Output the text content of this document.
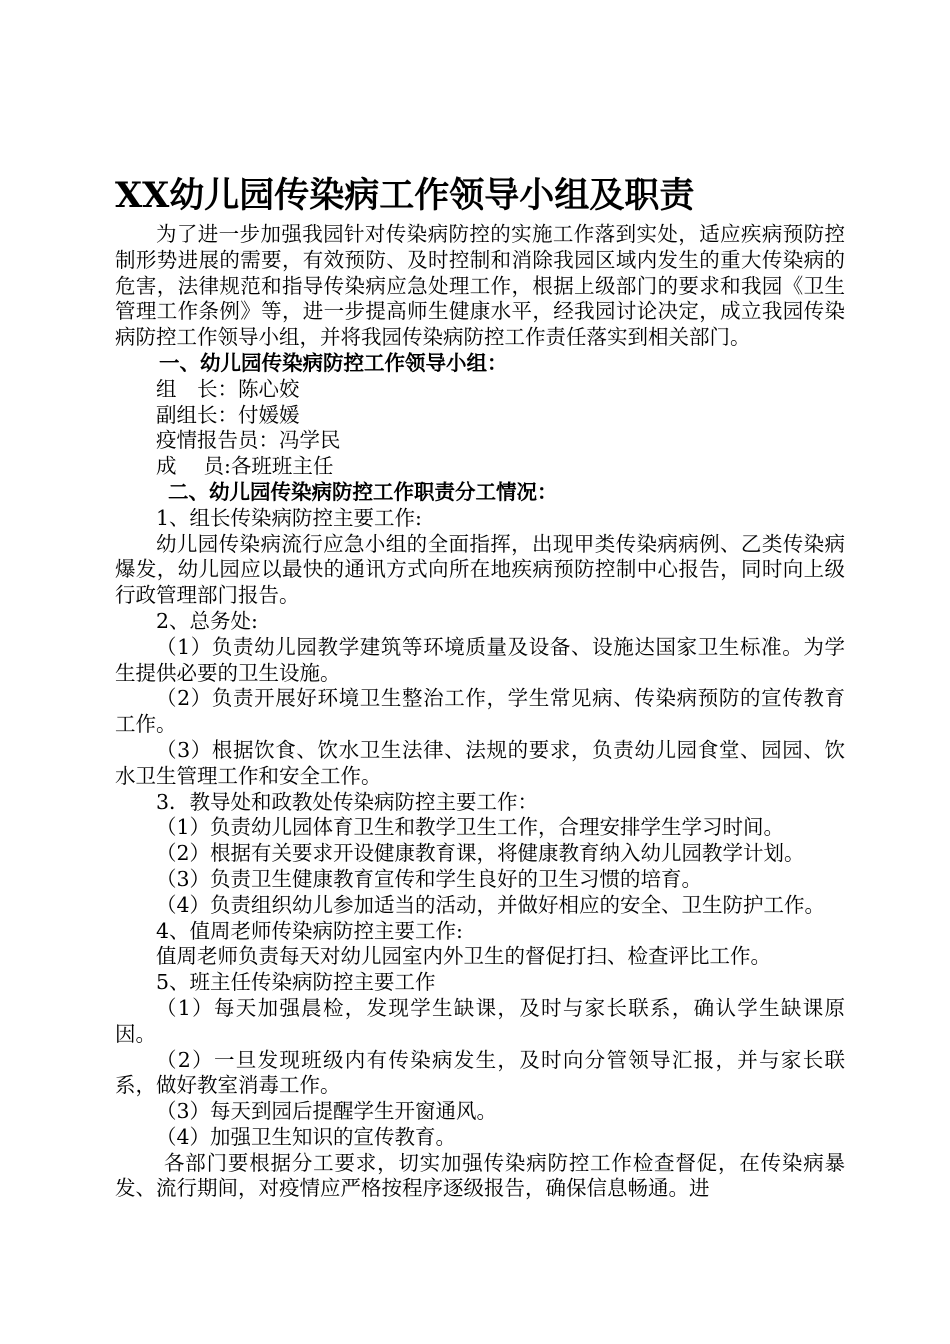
XX幼儿园传染病工作领导小组及职责

为了进一步加强我园针对传染病防控的实施工作落到实处，适应疾病预防控制形势进展的需要，有效预防、及时控制和消除我园区域内发生的重大传染病的危害，法律规范和指导传染病应急处理工作，根据上级部门的要求和我园《卫生管理工作条例》等，进一步提高师生健康水平，经我园讨论决定，成立我园传染病防控工作领导小组，并将我园传染病防控工作责任落实到相关部门。

一、幼儿园传染病防控工作领导小组：

组　长：陈心姣

副组长：付媛媛

疫情报告员：冯学民

成　 员:各班班主任

二、幼儿园传染病防控工作职责分工情况：

1、组长传染病防控主要工作:

幼儿园传染病流行应急小组的全面指挥，出现甲类传染病病例、乙类传染病爆发，幼儿园应以最快的通讯方式向所在地疾病预防控制中心报告，同时向上级行政管理部门报告。

2、总务处:

（1）负责幼儿园教学建筑等环境质量及设备、设施达国家卫生标准。为学生提供必要的卫生设施。

（2）负责开展好环境卫生整治工作，学生常见病、传染病预防的宣传教育工作。

（3）根据饮食、饮水卫生法律、法规的要求，负责幼儿园食堂、园园、饮水卫生管理工作和安全工作。

3．教导处和政教处传染病防控主要工作：

（1）负责幼儿园体育卫生和教学卫生工作，合理安排学生学习时间。

（2）根据有关要求开设健康教育课，将健康教育纳入幼儿园教学计划。

（3）负责卫生健康教育宣传和学生良好的卫生习惯的培育。

（4）负责组织幼儿参加适当的活动，并做好相应的安全、卫生防护工作。

4、值周老师传染病防控主要工作:

值周老师负责每天对幼儿园室内外卫生的督促打扫、检查评比工作。

5、班主任传染病防控主要工作

（1）每天加强晨检，发现学生缺课，及时与家长联系，确认学生缺课原因。

（2）一旦发现班级内有传染病发生，及时向分管领导汇报，并与家长联系，做好教室消毒工作。

（3）每天到园后提醒学生开窗通风。

（4）加强卫生知识的宣传教育。

各部门要根据分工要求，切实加强传染病防控工作检查督促，在传染病暴发、流行期间，对疫情应严格按程序逐级报告，确保信息畅通。进
